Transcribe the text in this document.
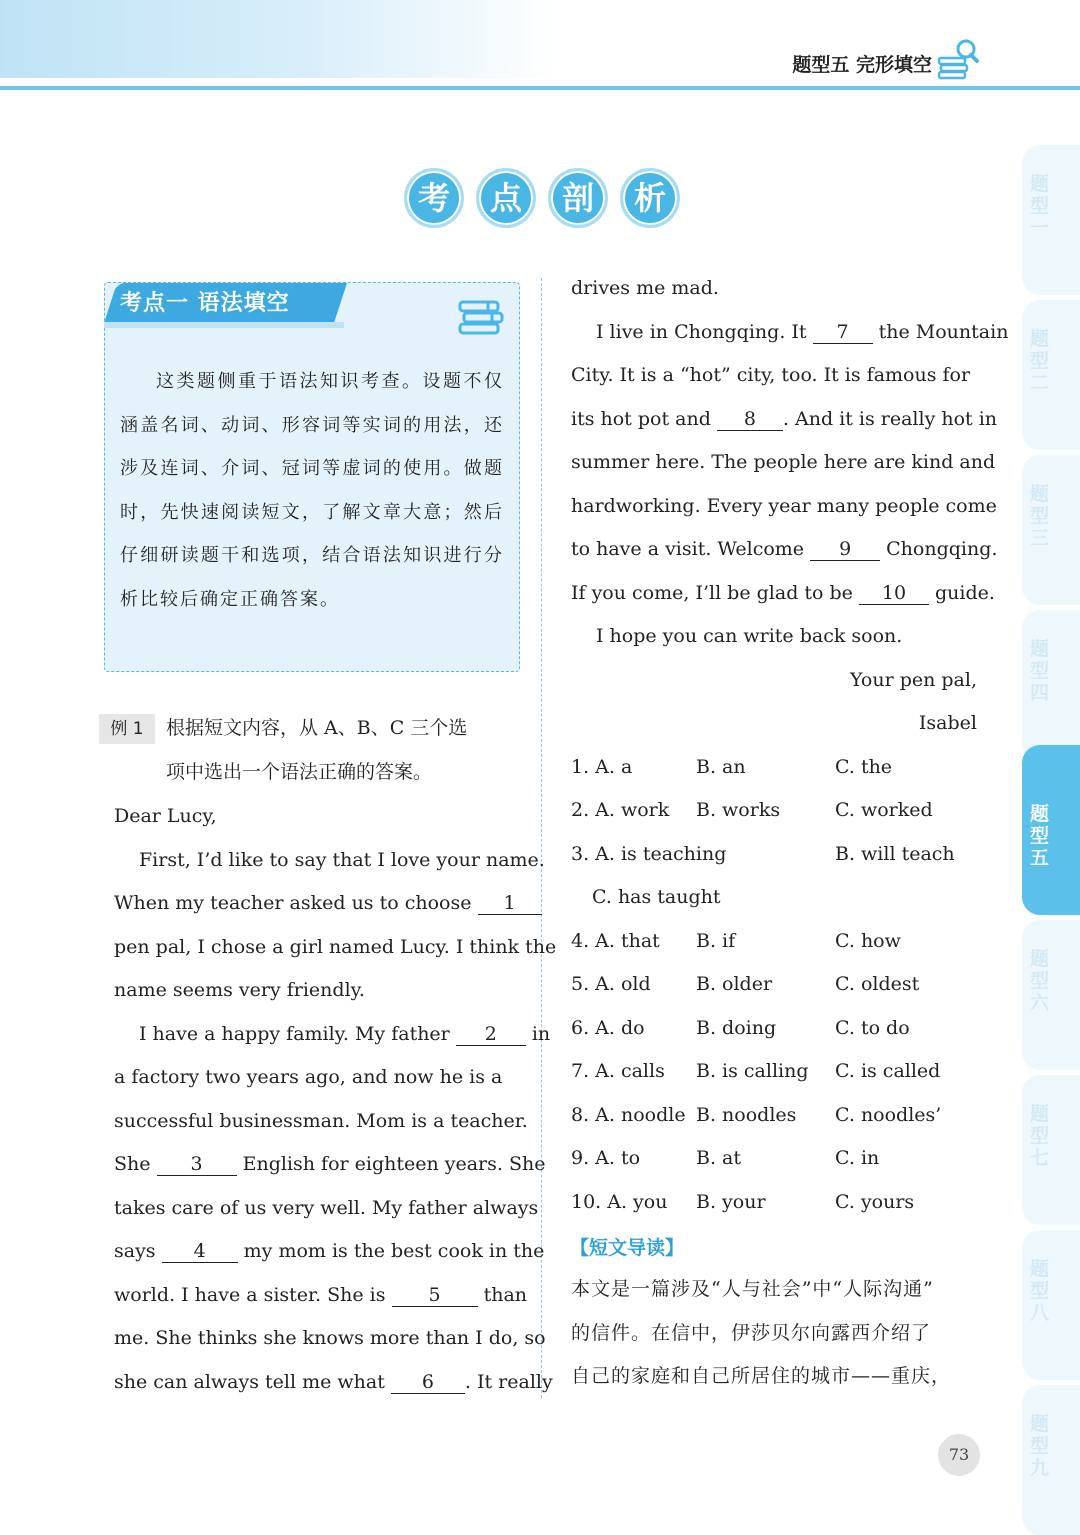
题型五 完形填空
考	点	剖	析	题型一
题型二
题型三
题型四
题型五
题型六
题型七
题型八
题型九
考点一 语法填空
这类题侧重于语法知识考查。设题不仅涵盖名词、动词、形容词等实词的用法，还涉及连词、介词、冠词等虚词的使用。做题时，先快速阅读短文，了解文章大意；然后仔细研读题干和选项，结合语法知识进行分析比较后确定正确答案。
例 1	根据短文内容，从 A、B、C 三个选
项中选出一个语法正确的答案。
Dear Lucy,
First, I’d like to say that I love your name.
When my teacher asked us to choose 1
pen pal, I chose a girl named Lucy. I think the
name seems very friendly.
I have a happy family. My father 2 in
a factory two years ago, and now he is a
successful businessman. Mom is a teacher.
She 3 English for eighteen years. She
takes care of us very well. My father always
says 4 my mom is the best cook in the
world. I have a sister. She is 5 than
me. She thinks she knows more than I do, so
she can always tell me what 6 . It really
drives me mad.
I live in Chongqing. It 7 the Mountain
City. It is a “hot” city, too. It is famous for
its hot pot and 8 . And it is really hot in
summer here. The people here are kind and
hardworking. Every year many people come
to have a visit. Welcome 9 Chongqing.
If you come, I’ll be glad to be 10 guide.
I hope you can write back soon.
Your pen pal,
Isabel
1. A. a	B. an	C. the
2. A. work B. works	C. worked
3. A. is teaching	B. will teach
C. has taught
4. A. that B. if	C. how
5. A. old B. older	C. oldest
6. A. do	B. doing	C. to do
7. A. calls B. is calling C. is called
8. A. noodle B. noodles C. noodles’
9. A. to	B. at	C. in
10. A. you B. your	C. yours
【短文导读】
本文是一篇涉及“人与社会”中“人际沟通”
的信件。在信中，伊莎贝尔向露西介绍了
自己的家庭和自己所居住的城市——重庆，
73
